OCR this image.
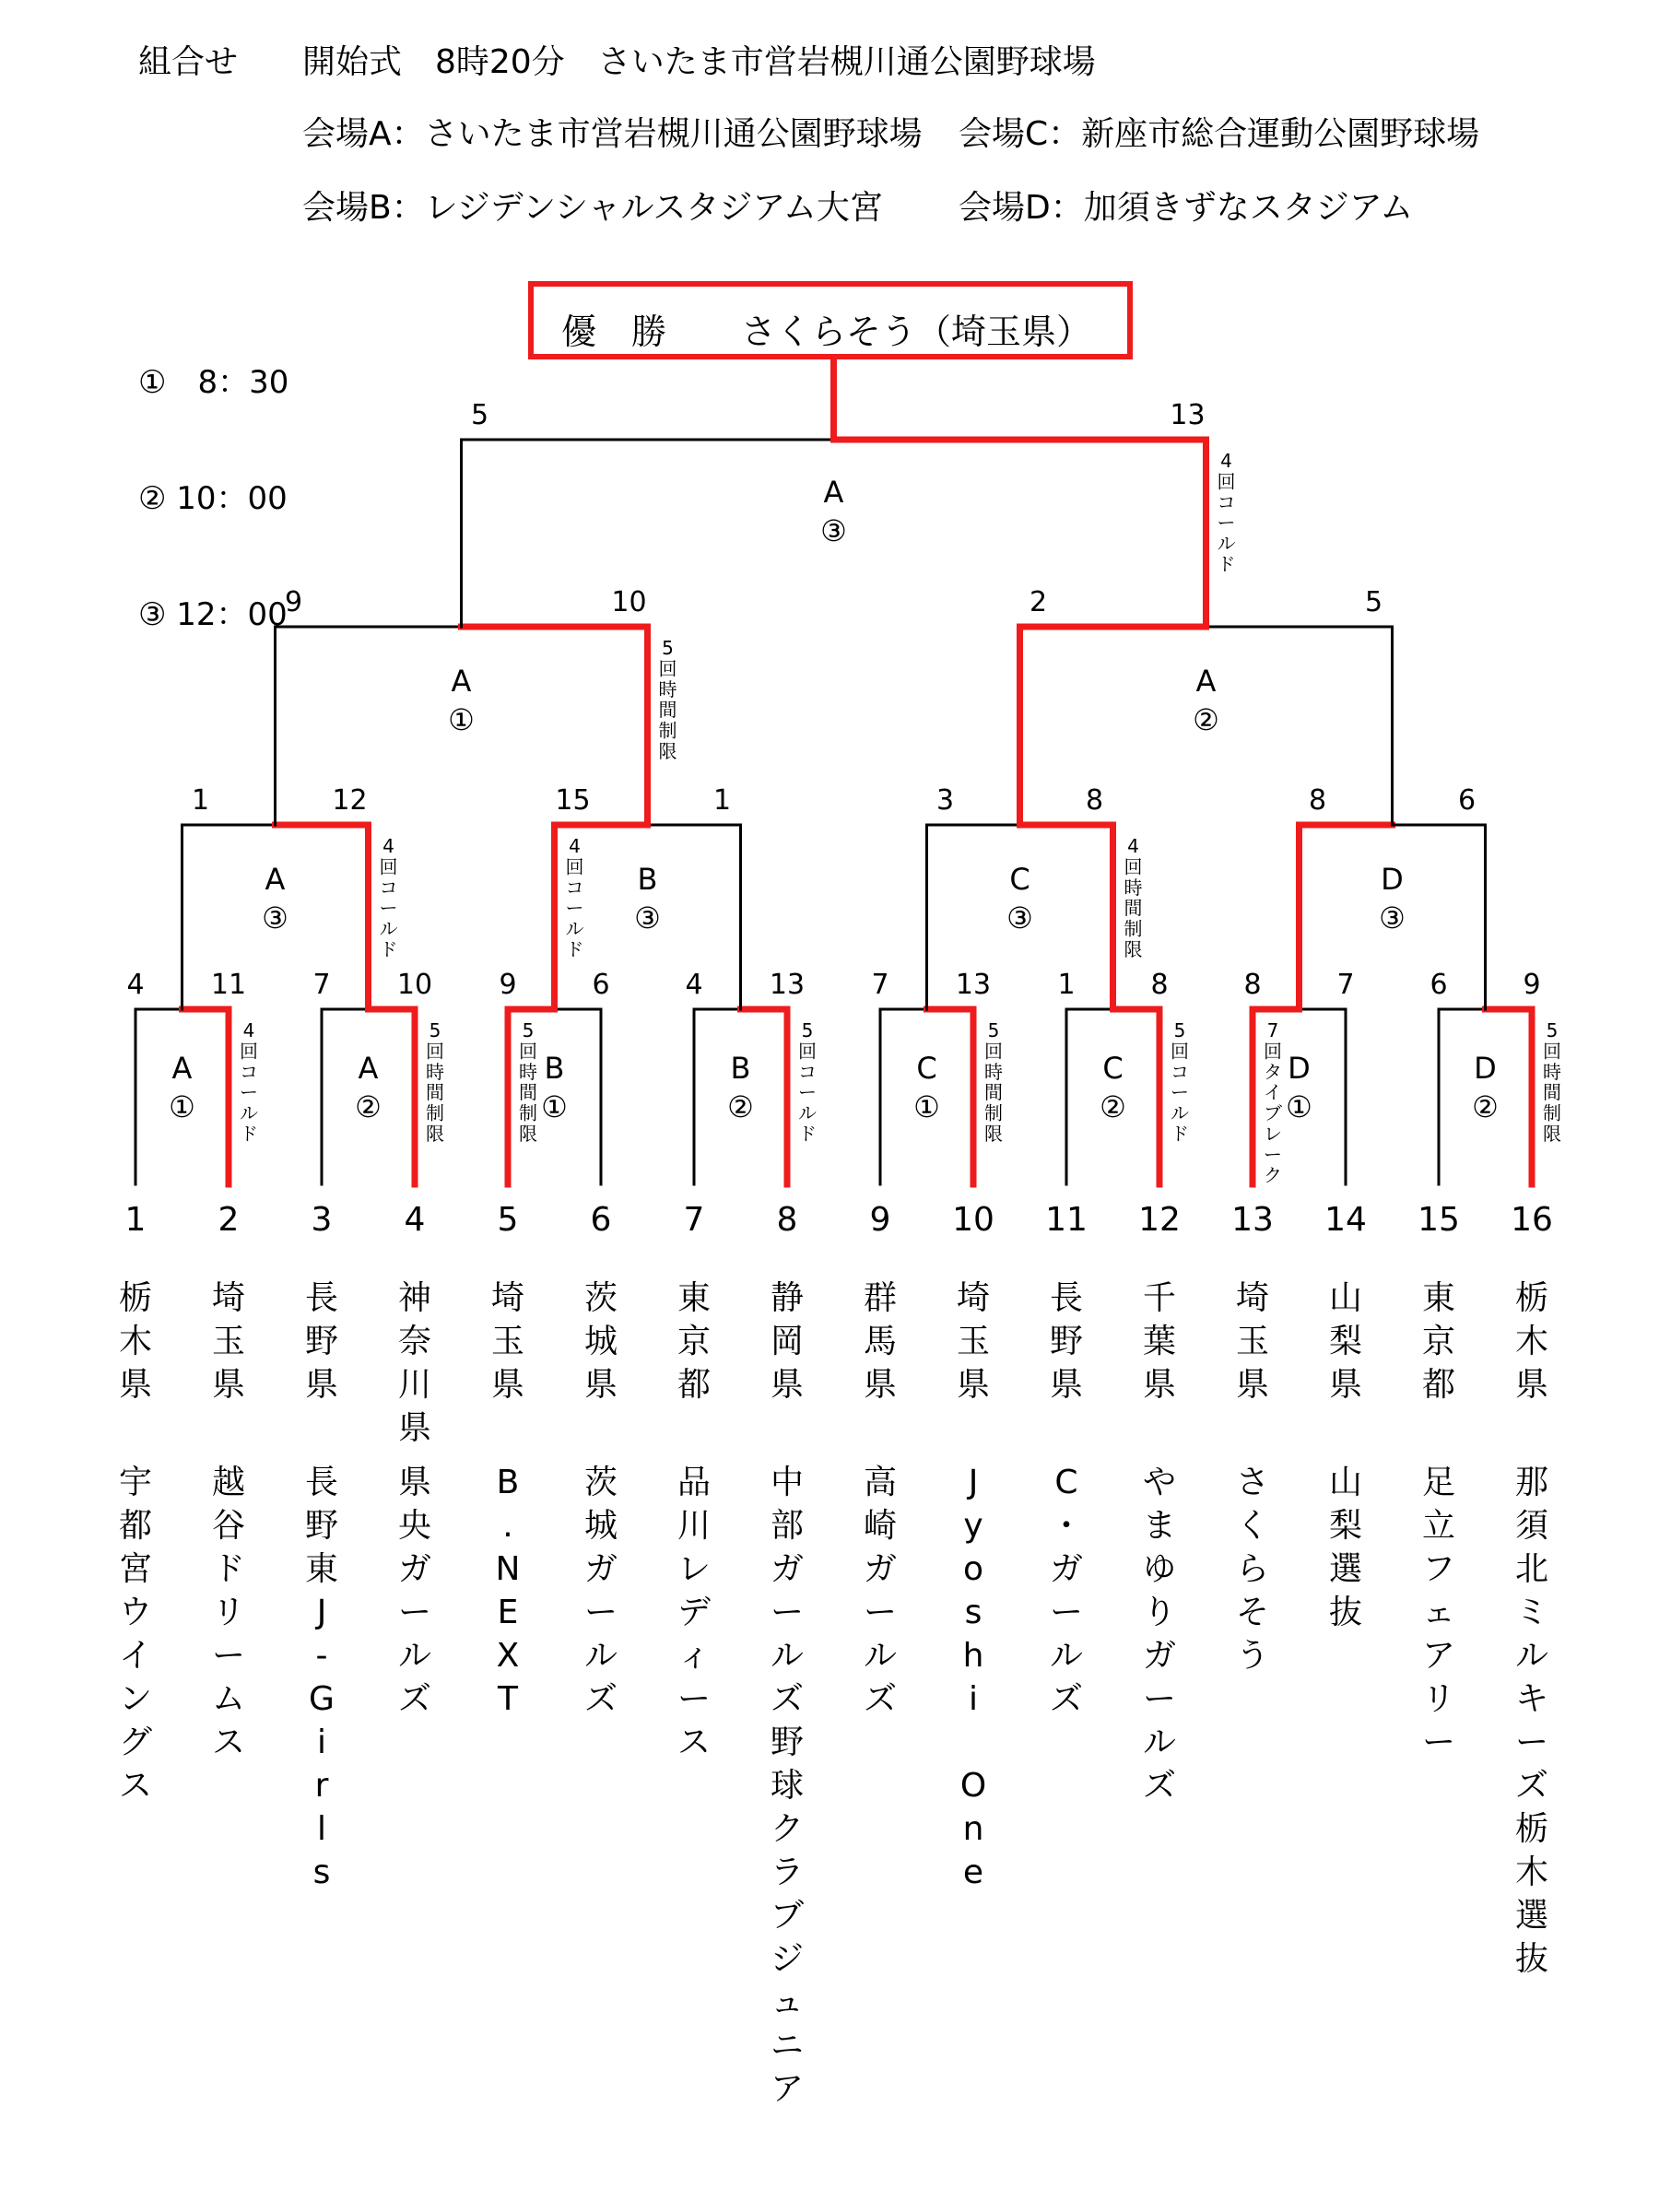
組合せ 開始式　8時20分　さいたま市営岩槻川通公園野球場
会場A：さいたま市営岩槻川通公園野球場 会場C：新座市総合運動公園野球場
会場B：レジデンシャルスタジアム大宮 会場D：加須きずなスタジアム

①　8：30

② 10：00

③ 12：00

優　勝 さくらそう（埼玉県）
4 11
A
①
4
回
コ
ー
ル
ド
7 10
A
②
5
回
時
間
制
限
9	6
B
①
5
回
時
間
制
限
4 13
B
②
5
回
コ
ー
ル
ド
7 13
C
①
5
回
時
間
制
限
1	8
C
②
5
回
コ
ー
ル
ド
8	7
D
①
7
回
タ
イ
ブ
レ
ー
ク
6	9
D
②
5
回
時
間
制
限
1	12
A
③
4
回
コ
ー
ル
ド
15	1
B
③
4
回
コ
ー
ル
ド
3	8
C
③
4
回
時
間
制
限
8	6
D
③
9	10
A
①
5
回
時
間
制
限
2	5
A
②
5	13
A
③
4
回
コ
ー
ル
ド
1
栃
木
県
宇
都
宮
ウ
イ
ン
グ
ス
2
埼
玉
県
越
谷
ド
リ
ー
ム
ス
3
長
野
県
長
野
東
J
-
G
i
r
l
s
4
神
奈
川
県
県
央
ガ
ー
ル
ズ
5
埼
玉
県
B
.
N
E
X
T
6
茨
城
県
茨
城
ガ
ー
ル
ズ
7
東
京
都
品
川
レ
デ
ィ
ー
ス
8
静
岡
県
中
部
ガ
ー
ル
ズ
野
球
ク
ラ
ブ
ジ
ュ
ニ
ア
9
群
馬
県
高
崎
ガ
ー
ル
ズ
10
埼
玉
県
J
y
o
s
h
i

O
n
e
11
長
野
県
C
・
ガ
ー
ル
ズ
12
千
葉
県
や
ま
ゆ
り
ガ
ー
ル
ズ
13
埼
玉
県
さ
く
ら
そ
う
14
山
梨
県
山
梨
選
抜
15
東
京
都
足
立
フ
ェ
ア
リ
ー
16
栃
木
県
那
須
北
ミ
ル
キ
ー
ズ
栃
木
選
抜
